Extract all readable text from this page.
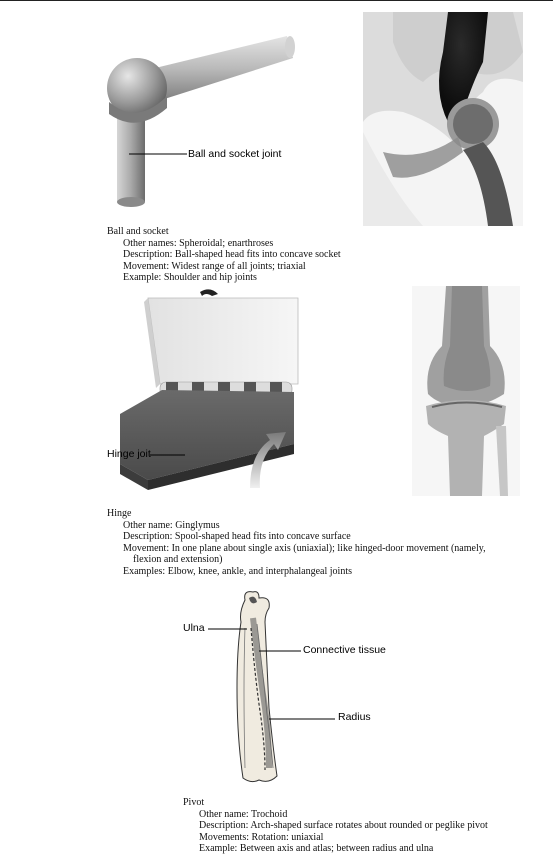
Ball and socket joint
Ball and socket
Other names: Spheroidal; enarthroses
Description: Ball-shaped head fits into concave socket
Movement: Widest range of all joints; triaxial
Example: Shoulder and hip joints
Hinge joit
Hinge
Other name: Ginglymus
Description: Spool-shaped head fits into concave surface
Movement: In one plane about single axis (uniaxial); like hinged-door movement (namely,
flexion and extension)
Examples: Elbow, knee, ankle, and interphalangeal joints
Ulna
Connective tissue
Radius
Pivot
Other name: Trochoid
Description: Arch-shaped surface rotates about rounded or peglike pivot
Movements: Rotation: uniaxial
Example: Between axis and atlas; between radius and ulna
